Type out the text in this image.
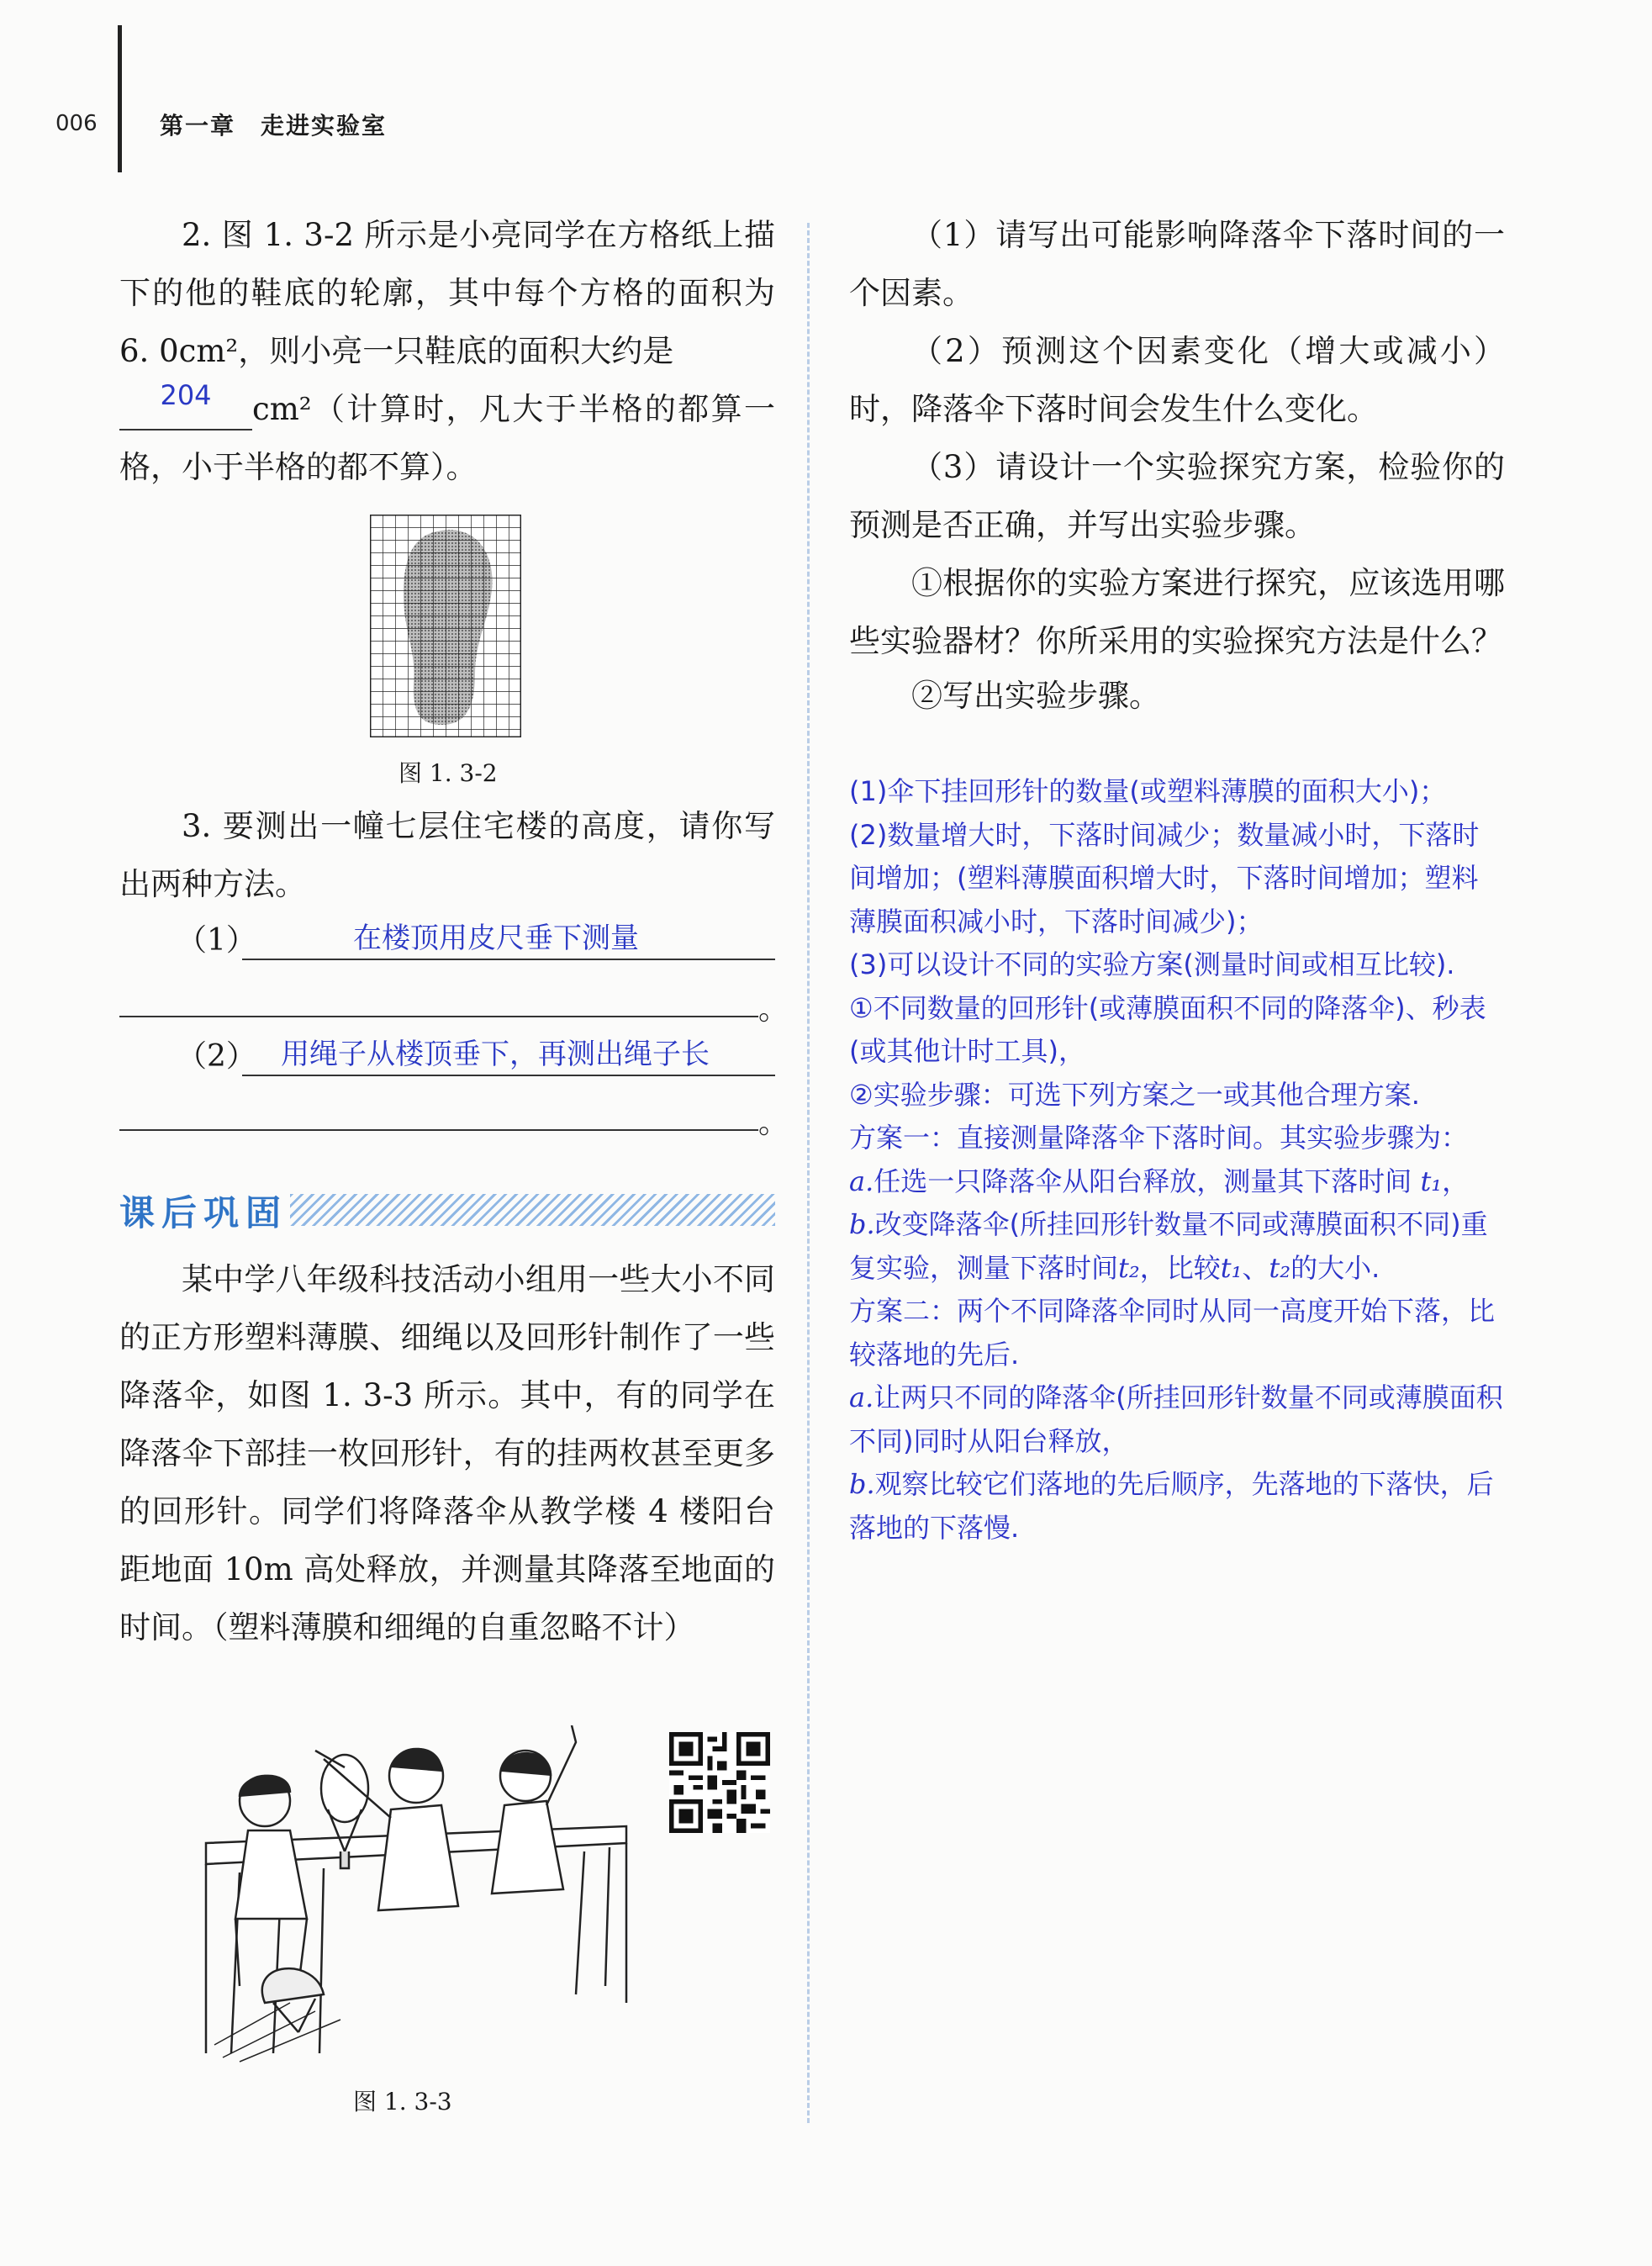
006	第一章　走进实验室
2. 图 1. 3-2 所示是小亮同学在方格纸上描下的他的鞋底的轮廓，其中每个方格的面积为 6. 0cm²，则小亮一只鞋底的面积大约是
204 cm²（计算时，凡大于半格的都算一格，小于半格的都不算）。
图 1. 3-2
3. 要测出一幢七层住宅楼的高度，请你写出两种方法。
（1）	在楼顶用皮尺垂下测量
。
（2） 用绳子从楼顶垂下，再测出绳子长
。
课后巩固
某中学八年级科技活动小组用一些大小不同的正方形塑料薄膜、细绳以及回形针制作了一些降落伞，如图 1. 3-3 所示。其中，有的同学在降落伞下部挂一枚回形针，有的挂两枚甚至更多的回形针。同学们将降落伞从教学楼 4 楼阳台距地面 10m 高处释放，并测量其降落至地面的时间。（塑料薄膜和细绳的自重忽略不计）
图 1. 3-3
（1）请写出可能影响降落伞下落时间的一个因素。
（2）预测这个因素变化（增大或减小）时，降落伞下落时间会发生什么变化。
（3）请设计一个实验探究方案，检验你的预测是否正确，并写出实验步骤。
①根据你的实验方案进行探究，应该选用哪些实验器材？你所采用的实验探究方法是什么？
②写出实验步骤。

(1)伞下挂回形针的数量(或塑料薄膜的面积大小)；

(2)数量增大时，下落时间减少；数量减小时，下落时间增加；(塑料薄膜面积增大时，下落时间增加；塑料薄膜面积减小时，下落时间减少)；

(3)可以设计不同的实验方案(测量时间或相互比较).

①不同数量的回形针(或薄膜面积不同的降落伞)、秒表(或其他计时工具)，

②实验步骤：可选下列方案之一或其他合理方案.

方案一：直接测量降落伞下落时间。其实验步骤为：

a.任选一只降落伞从阳台释放，测量其下落时间 t₁，

b.改变降落伞(所挂回形针数量不同或薄膜面积不同)重复实验，测量下落时间t₂，比较t₁、t₂的大小.

方案二：两个不同降落伞同时从同一高度开始下落，比较落地的先后.

a.让两只不同的降落伞(所挂回形针数量不同或薄膜面积不同)同时从阳台释放，

b.观察比较它们落地的先后顺序，先落地的下落快，后落地的下落慢.
